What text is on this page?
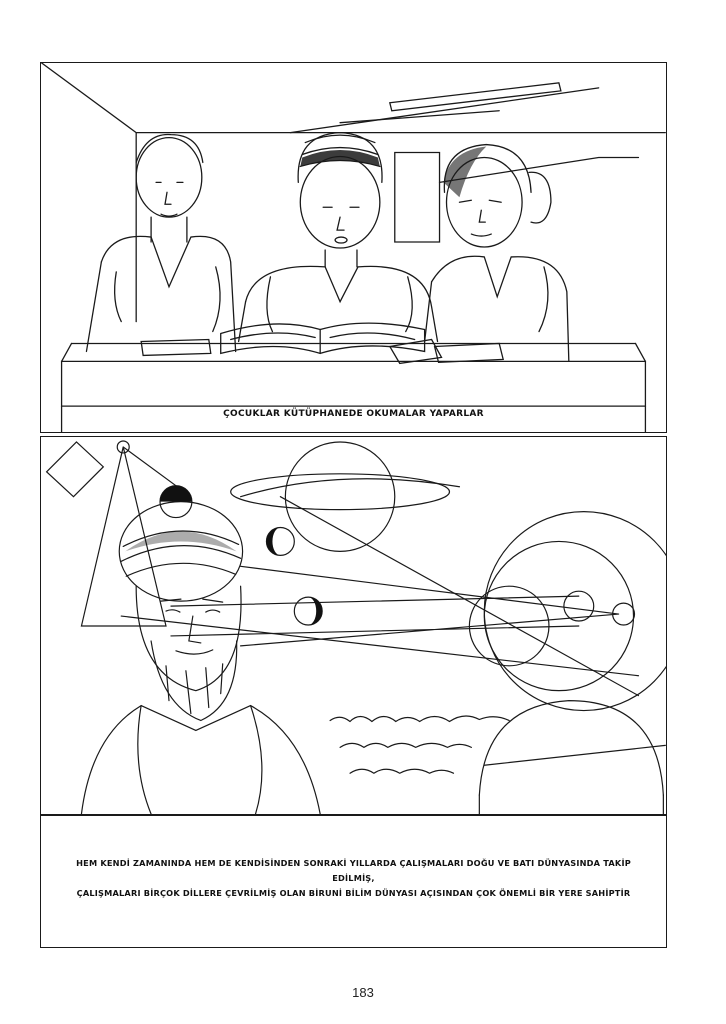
ÇOCUKLAR KÜTÜPHANEDE OKUMALAR YAPARLAR
HEM KENDİ ZAMANINDA HEM DE KENDİSİNDEN SONRAKİ YILLARDA ÇALIŞMALARI DOĞU VE BATI DÜNYASINDA TAKİP EDİLMİŞ,
ÇALIŞMALARI BİRÇOK DİLLERE ÇEVRİLMİŞ OLAN BİRUNİ BİLİM DÜNYASI AÇISINDAN ÇOK ÖNEMLİ BİR YERE SAHİPTİR
183
